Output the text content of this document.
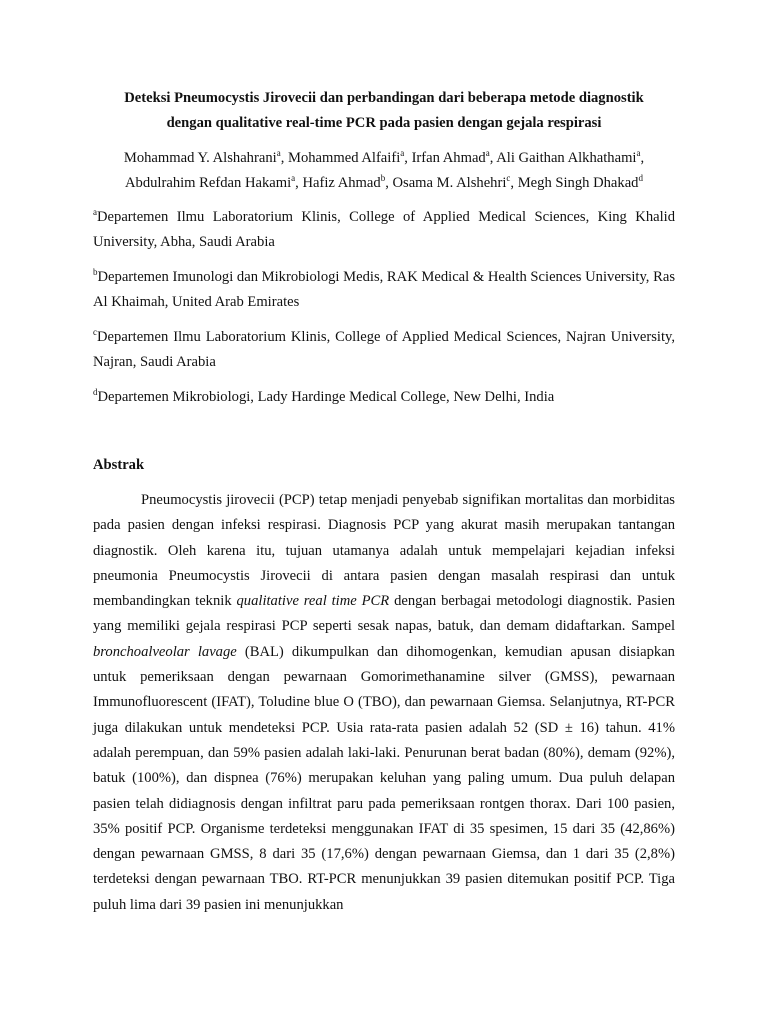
Deteksi Pneumocystis Jirovecii dan perbandingan dari beberapa metode diagnostik
dengan qualitative real-time PCR pada pasien dengan gejala respirasi
Mohammad Y. Alshahrani$^a$, Mohammed Alfaifi$^a$, Irfan Ahmad$^a$, Ali Gaithan Alkhathami$^a$,
Abdulrahim Refdan Hakami$^a$, Hafiz Ahmad$^b$, Osama M. Alshehri$^c$, Megh Singh Dhakad$^d$
$^a$Departemen Ilmu Laboratorium Klinis, College of Applied Medical Sciences, King Khalid University, Abha, Saudi Arabia
$^b$Departemen Imunologi dan Mikrobiologi Medis, RAK Medical & Health Sciences University, Ras Al Khaimah, United Arab Emirates
$^c$Departemen Ilmu Laboratorium Klinis, College of Applied Medical Sciences, Najran University, Najran, Saudi Arabia
$^d$Departemen Mikrobiologi, Lady Hardinge Medical College, New Delhi, India
Abstrak

Pneumocystis jirovecii (PCP) tetap menjadi penyebab signifikan mortalitas dan morbiditas pada pasien dengan infeksi respirasi. Diagnosis PCP yang akurat masih merupakan tantangan diagnostik. Oleh karena itu, tujuan utamanya adalah untuk mempelajari kejadian infeksi pneumonia Pneumocystis Jirovecii di antara pasien dengan masalah respirasi dan untuk membandingkan teknik qualitative real time PCR dengan berbagai metodologi diagnostik. Pasien yang memiliki gejala respirasi PCP seperti sesak napas, batuk, dan demam didaftarkan. Sampel bronchoalveolar lavage (BAL) dikumpulkan dan dihomogenkan, kemudian apusan disiapkan untuk pemeriksaan dengan pewarnaan Gomorimethanamine silver (GMSS), pewarnaan Immunofluorescent (IFAT), Toludine blue O (TBO), dan pewarnaan Giemsa. Selanjutnya, RT-PCR juga dilakukan untuk mendeteksi PCP. Usia rata-rata pasien adalah 52 (SD ± 16) tahun. 41% adalah perempuan, dan 59% pasien adalah laki-laki. Penurunan berat badan (80%), demam (92%), batuk (100%), dan dispnea (76%) merupakan keluhan yang paling umum. Dua puluh delapan pasien telah didiagnosis dengan infiltrat paru pada pemeriksaan rontgen thorax. Dari 100 pasien, 35% positif PCP. Organisme terdeteksi menggunakan IFAT di 35 spesimen, 15 dari 35 (42,86%) dengan pewarnaan GMSS, 8 dari 35 (17,6%) dengan pewarnaan Giemsa, dan 1 dari 35 (2,8%) terdeteksi dengan pewarnaan TBO. RT-PCR menunjukkan 39 pasien ditemukan positif PCP. Tiga puluh lima dari 39 pasien ini menunjukkan
